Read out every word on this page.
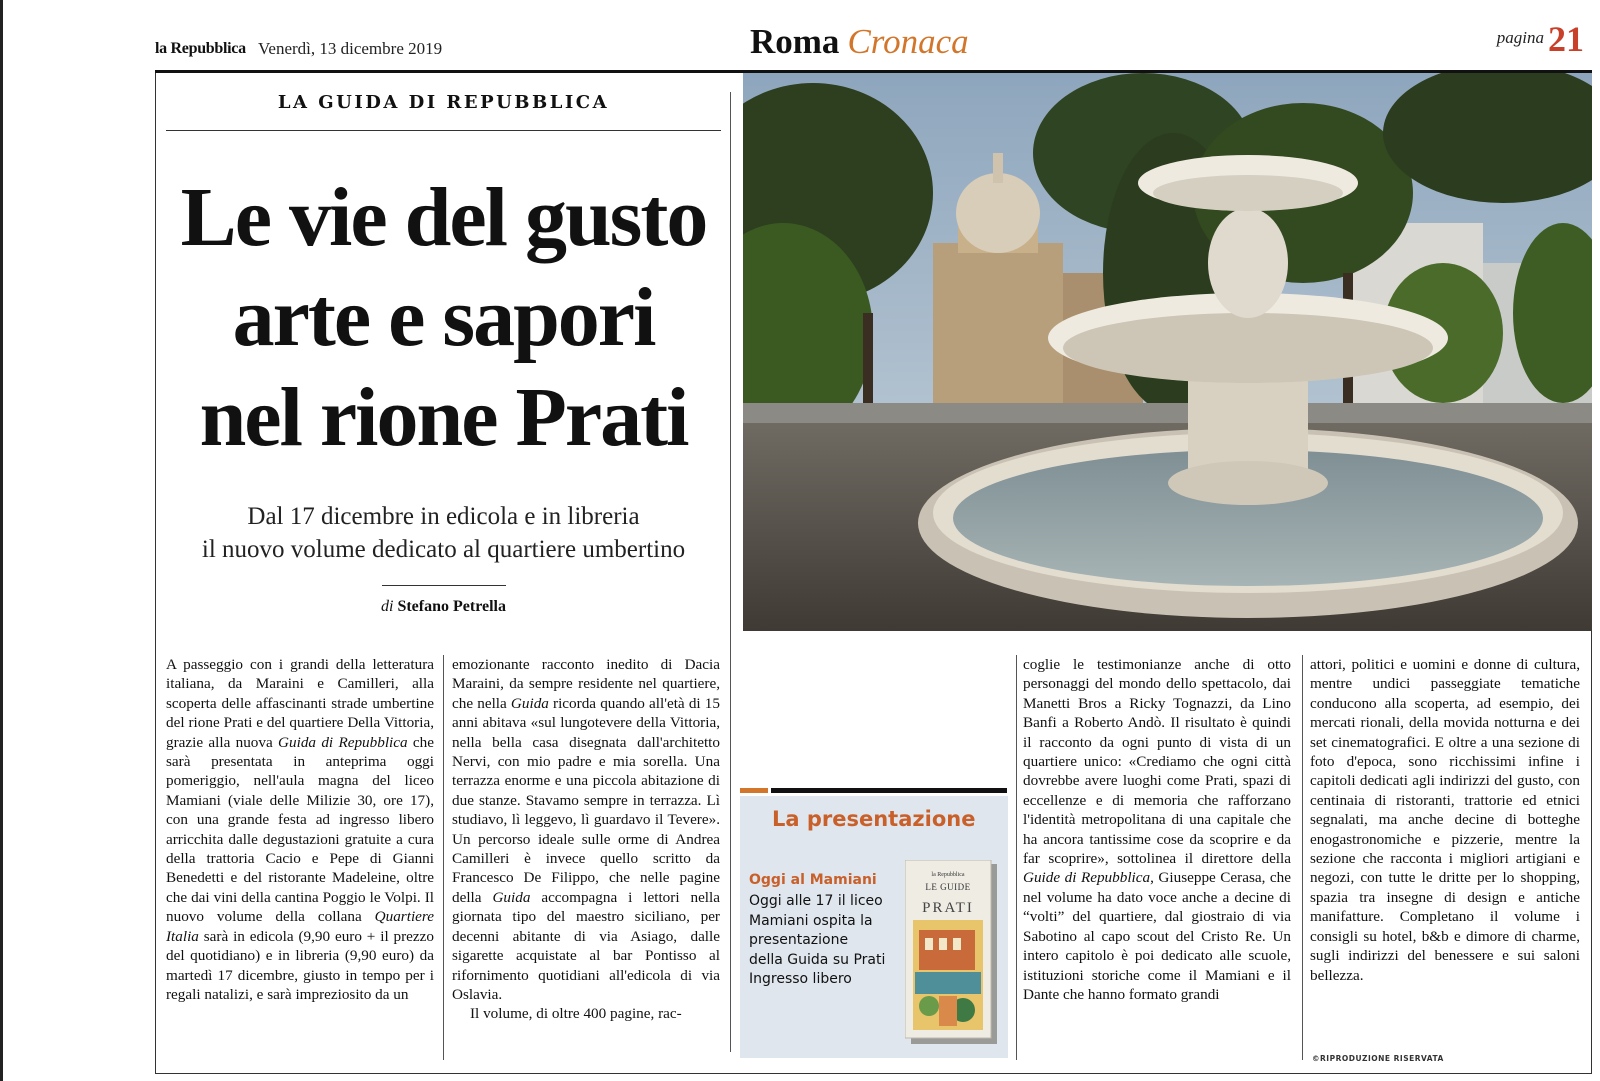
la Repubblica Venerdì, 13 dicembre 2019	Roma Cronaca	pagina 21
LA GUIDA DI REPUBBLICA
Le vie del gusto
arte e sapori
nel rione Prati
Dal 17 dicembre in edicola e in libreria
il nuovo volume dedicato al quartiere umbertino
di Stefano Petrella

A passeggio con i grandi della letteratura italiana, da Maraini e Camilleri, alla scoperta delle affascinanti strade umbertine del rione Prati e del quartiere Della Vittoria, grazie alla nuova Guida di Repubblica che sarà presentata in anteprima oggi pomeriggio, nell'aula magna del liceo Mamiani (viale delle Milizie 30, ore 17), con una grande festa ad ingresso libero arricchita dalle degustazioni gratuite a cura della trattoria Cacio e Pepe di Gianni Benedetti e del ristorante Madeleine, oltre che dai vini della cantina Poggio le Volpi. Il nuovo volume della collana Quartiere Italia sarà in edicola (9,90 euro + il prezzo del quotidiano) e in libreria (9,90 euro) da martedì 17 dicembre, giusto in tempo per i regali natalizi, e sarà impreziosito da un

emozionante racconto inedito di Dacia Maraini, da sempre residente nel quartiere, che nella Guida ricorda quando all'età di 15 anni abitava «sul lungotevere della Vittoria, nella bella casa disegnata dall'architetto Nervi, con mio padre e mia sorella. Una terrazza enorme e una piccola abitazione di due stanze. Stavamo sempre in terrazza. Lì studiavo, lì leggevo, lì guardavo il Tevere». Un percorso ideale sulle orme di Andrea Camilleri è invece quello scritto da Francesco De Filippo, che nelle pagine della Guida accompagna i lettori nella giornata tipo del maestro siciliano, per decenni abitante di via Asiago, dalle sigarette acquistate al bar Pontisso al rifornimento quotidiani all'edicola di via Oslavia.

Il volume, di oltre 400 pagine, rac-

coglie le testimonianze anche di otto personaggi del mondo dello spettacolo, dai Manetti Bros a Ricky Tognazzi, da Lino Banfi a Roberto Andò. Il risultato è quindi il racconto da ogni punto di vista di un quartiere unico: «Crediamo che ogni città dovrebbe avere luoghi come Prati, spazi di eccellenze e di memoria che rafforzano l'identità metropolitana di una capitale che ha ancora tantissime cose da scoprire e da far scoprire», sottolinea il direttore della Guide di Repubblica, Giuseppe Cerasa, che nel volume ha dato voce anche a decine di “volti” del quartiere, dal giostraio di via Sabotino al capo scout del Cristo Re. Un intero capitolo è poi dedicato alle scuole, istituzioni storiche come il Mamiani e il Dante che hanno formato grandi

attori, politici e uomini e donne di cultura, mentre undici passeggiate tematiche conducono alla scoperta, ad esempio, dei mercati rionali, della movida notturna e dei set cinematografici. E oltre a una sezione di foto d'epoca, sono ricchissimi infine i capitoli dedicati agli indirizzi del gusto, con centinaia di ristoranti, trattorie ed etnici segnalati, ma anche decine di botteghe enogastronomiche e pizzerie, mentre la sezione che racconta i migliori artigiani e negozi, con tutte le dritte per lo shopping, spazia tra insegne di design e antiche manifatture. Completano il volume i consigli su hotel, b&b e dimore di charme, sugli indirizzi del benessere e sui saloni bellezza.

©RIPRODUZIONE RISERVATA
La presentazione
Oggi al Mamiani
Oggi alle 17 il liceo
Mamiani ospita la
presentazione
della Guida su Prati
Ingresso libero
la Repubblica
LE GUIDE
PRATI
